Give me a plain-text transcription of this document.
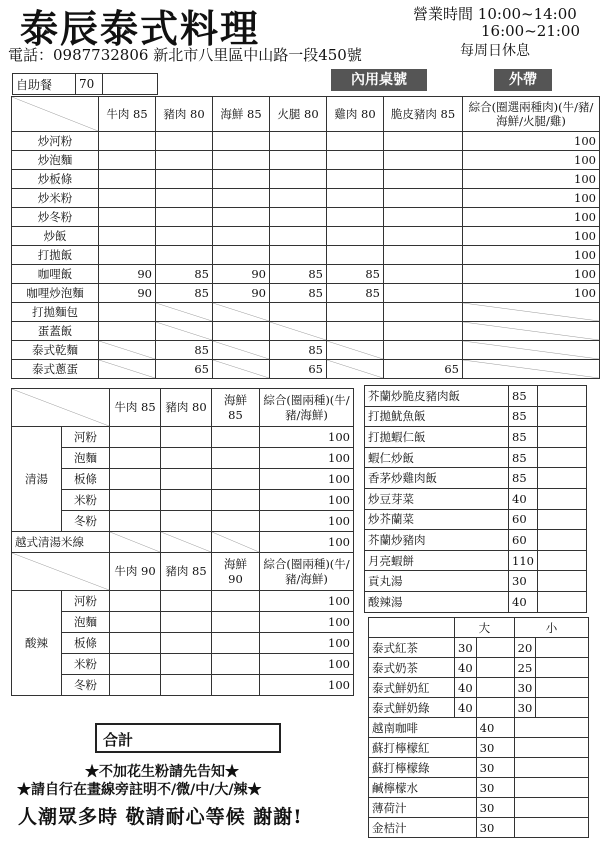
泰辰泰式料理	營業時間 10:00~14:00
16:00~21:00
每周日休息
電話：0987732806 新北市八里區中山路一段450號
自助餐	70		內用桌號	外帶
	牛肉 85	豬肉 80	海鮮 85	火腿 80	雞肉 80	脆皮豬肉 85	綜合(圈選兩種肉)(牛/豬/海鮮/火腿/雞)
炒河粉							100
炒泡麵							100
炒板條							100
炒米粉							100
炒冬粉							100
炒飯							100
打拋飯							100
咖哩飯	90	85	90	85	85		100
咖哩炒泡麵	90	85	90	85	85		100
打拋麵包		

蛋蓋飯		

泰式乾麵		85		85	

泰式蔥蛋		65		65		65	
	牛肉 85	豬肉 80	海鮮 85	綜合(圈兩種)(牛/豬/海鮮)
清湯	河粉				100
	泡麵				100
	板條				100
	米粉				100
	冬粉				100
越式清湯米線					100

	牛肉 90	豬肉 85	海鮮 90	綜合(圈兩種)(牛/豬/海鮮)
酸辣	河粉				100
	泡麵				100
	板條				100
	米粉				100
	冬粉				100
芥蘭炒脆皮豬肉飯	85	
打拋魷魚飯	85	
打拋蝦仁飯	85	
蝦仁炒飯	85	
香茅炒雞肉飯	85	
炒豆芽菜	40	
炒芥蘭菜	60	
芥蘭炒豬肉	60	
月亮蝦餅	110	
貢丸湯	30	
酸辣湯	40	
	大		小	
泰式紅茶	30		20	
泰式奶茶	40		25	
泰式鮮奶紅	40		30	
泰式鮮奶綠	40		30	
越南咖啡		40		
蘇打檸檬紅		30		
蘇打檸檬綠		30		
鹹檸檬水		30		
薄荷汁		30		
金桔汁		30		
合計
★不加花生粉請先告知★
★請自行在畫線旁註明不/微/中/大/辣★
人潮眾多時 敬請耐心等候 謝謝!
